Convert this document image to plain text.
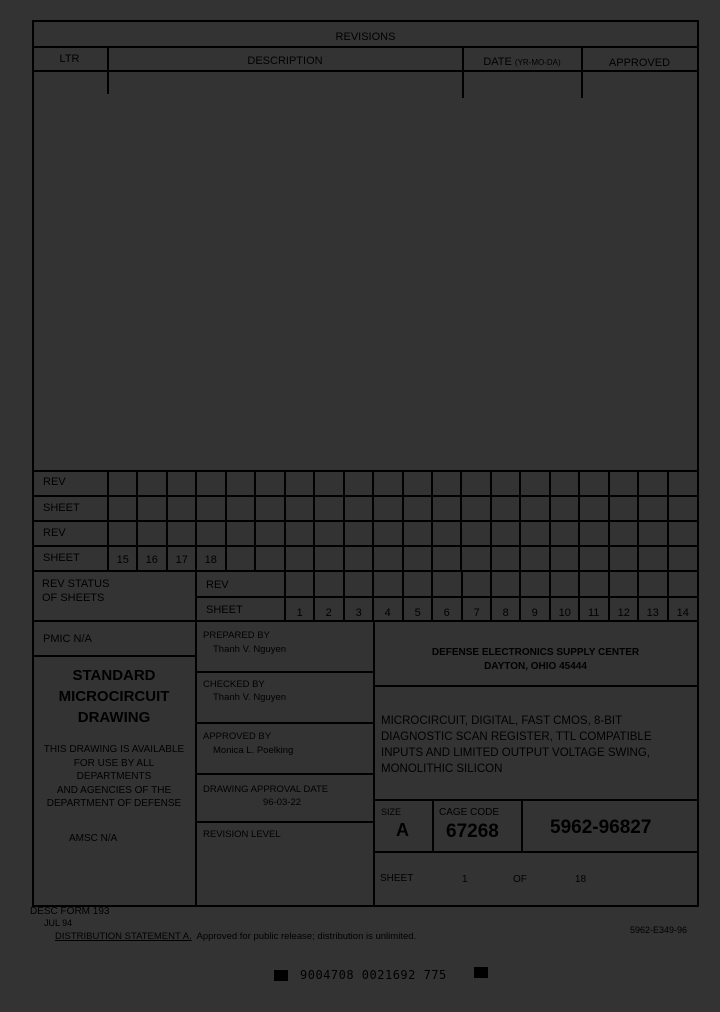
REVISIONS
LTR	DESCRIPTION	DATE (YR-MO-DA)	APPROVED
REV
SHEET
REV
SHEET	15	16	17	18
REV STATUS
OF SHEETS
REV
SHEET	1	2	3	4	5	6	7	8	9	10	11	12	13	14
PMIC N/A
STANDARD
MICROCIRCUIT
DRAWING
THIS DRAWING IS AVAILABLE
FOR USE BY ALL
DEPARTMENTS
AND AGENCIES OF THE
DEPARTMENT OF DEFENSE
AMSC N/A
PREPARED BY
Thanh V. Nguyen
CHECKED BY
Thanh V. Nguyen
APPROVED BY
Monica L. Poelking
DRAWING APPROVAL DATE
96-03-22
REVISION LEVEL
DEFENSE ELECTRONICS SUPPLY CENTER
DAYTON, OHIO 45444
MICROCIRCUIT, DIGITAL, FAST CMOS, 8-BIT
DIAGNOSTIC SCAN REGISTER, TTL COMPATIBLE
INPUTS AND LIMITED OUTPUT VOLTAGE SWING,
MONOLITHIC SILICON
SIZE
A
CAGE CODE
67268	5962-96827
SHEET	1	OF	18
DESC FORM 193
JUL 94
DISTRIBUTION STATEMENT A. Approved for public release; distribution is unlimited.
5962-E349-96
9004708 0021692 775
